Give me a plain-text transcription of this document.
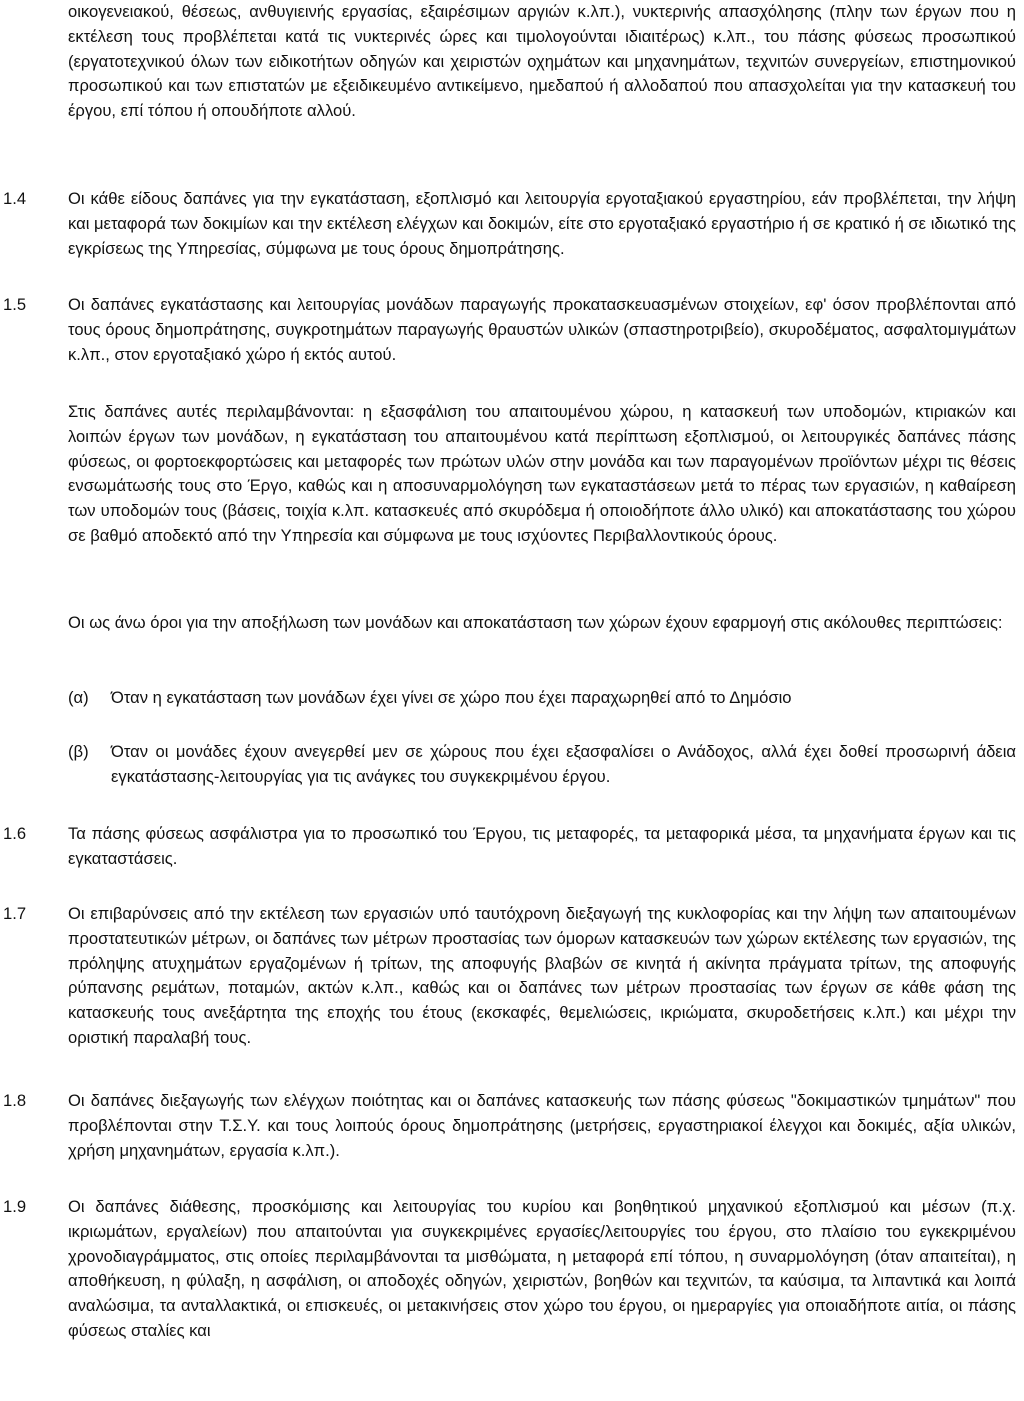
οικογενειακού, θέσεως, ανθυγιεινής εργασίας, εξαιρέσιμων αργιών κ.λπ.), νυκτερινής απασχόλησης (πλην των έργων που η εκτέλεση τους προβλέπεται κατά τις νυκτερινές ώρες και τιμολογούνται ιδιαιτέρως) κ.λπ., του πάσης φύσεως προσωπικού (εργατοτεχνικού όλων των ειδικοτήτων οδηγών και χειριστών οχημάτων και μηχανημάτων, τεχνιτών συνεργείων, επιστημονικού προσωπικού και των επιστατών με εξειδικευμένο αντικείμενο, ημεδαπού ή αλλοδαπού που απασχολείται για την κατασκευή του έργου, επί τόπου ή οπουδήποτε αλλού.
1.4	Οι κάθε είδους δαπάνες για την εγκατάσταση, εξοπλισμό και λειτουργία εργοταξιακού εργαστηρίου, εάν προβλέπεται, την λήψη και μεταφορά των δοκιμίων και την εκτέλεση ελέγχων και δοκιμών, είτε στο εργοταξιακό εργαστήριο ή σε κρατικό ή σε ιδιωτικό της εγκρίσεως της Υπηρεσίας, σύμφωνα με τους όρους δημοπράτησης.
1.5	Οι δαπάνες εγκατάστασης και λειτουργίας μονάδων παραγωγής προκατασκευασμένων στοιχείων, εφ' όσον προβλέπονται από τους όρους δημοπράτησης, συγκροτημάτων παραγωγής θραυστών υλικών (σπαστηροτριβείο), σκυροδέματος, ασφαλτομιγμάτων κ.λπ., στον εργοταξιακό χώρο ή εκτός αυτού.
Στις δαπάνες αυτές περιλαμβάνονται: η εξασφάλιση του απαιτουμένου χώρου, η κατασκευή των υποδομών, κτιριακών και λοιπών έργων των μονάδων, η εγκατάσταση του απαιτουμένου κατά περίπτωση εξοπλισμού, οι λειτουργικές δαπάνες πάσης φύσεως, οι φορτοεκφορτώσεις και μεταφορές των πρώτων υλών στην μονάδα και των παραγομένων προϊόντων μέχρι τις θέσεις ενσωμάτωσής τους στο Έργο, καθώς και η αποσυναρμολόγηση των εγκαταστάσεων μετά το πέρας των εργασιών, η καθαίρεση των υποδομών τους (βάσεις, τοιχία κ.λπ. κατασκευές από σκυρόδεμα ή οποιοδήποτε άλλο υλικό) και αποκατάστασης του χώρου σε βαθμό αποδεκτό από την Υπηρεσία και σύμφωνα με τους ισχύοντες Περιβαλλοντικούς όρους.
Οι ως άνω όροι για την αποξήλωση των μονάδων και αποκατάσταση των χώρων έχουν εφαρμογή στις ακόλουθες περιπτώσεις:
(α)	Όταν η εγκατάσταση των μονάδων έχει γίνει σε χώρο που έχει παραχωρηθεί από το Δημόσιο
(β)	Όταν οι μονάδες έχουν ανεγερθεί μεν σε χώρους που έχει εξασφαλίσει ο Ανάδοχος, αλλά έχει δοθεί προσωρινή άδεια εγκατάστασης-λειτουργίας για τις ανάγκες του συγκεκριμένου έργου.
1.6	Τα πάσης φύσεως ασφάλιστρα για το προσωπικό του Έργου, τις μεταφορές, τα μεταφορικά μέσα, τα μηχανήματα έργων και τις εγκαταστάσεις.
1.7	Οι επιβαρύνσεις από την εκτέλεση των εργασιών υπό ταυτόχρονη διεξαγωγή της κυκλοφορίας και την λήψη των απαιτουμένων προστατευτικών μέτρων, οι δαπάνες των μέτρων προστασίας των όμορων κατασκευών των χώρων εκτέλεσης των εργασιών, της πρόληψης ατυχημάτων εργαζομένων ή τρίτων, της αποφυγής βλαβών σε κινητά ή ακίνητα πράγματα τρίτων, της αποφυγής ρύπανσης ρεμάτων, ποταμών, ακτών κ.λπ., καθώς και οι δαπάνες των μέτρων προστασίας των έργων σε κάθε φάση της κατασκευής τους ανεξάρτητα της εποχής του έτους (εκσκαφές, θεμελιώσεις, ικριώματα, σκυροδετήσεις κ.λπ.) και μέχρι την οριστική παραλαβή τους.
1.8	Οι δαπάνες διεξαγωγής των ελέγχων ποιότητας και οι δαπάνες κατασκευής των πάσης φύσεως "δοκιμαστικών τμημάτων" που προβλέπονται στην Τ.Σ.Υ. και τους λοιπούς όρους δημοπράτησης (μετρήσεις, εργαστηριακοί έλεγχοι και δοκιμές, αξία υλικών, χρήση μηχανημάτων, εργασία κ.λπ.).
1.9	Οι δαπάνες διάθεσης, προσκόμισης και λειτουργίας του κυρίου και βοηθητικού μηχανικού εξοπλισμού και μέσων (π.χ. ικριωμάτων, εργαλείων) που απαιτούνται για συγκεκριμένες εργασίες/λειτουργίες του έργου, στο πλαίσιο του εγκεκριμένου χρονοδιαγράμματος, στις οποίες περιλαμβάνονται τα μισθώματα, η μεταφορά επί τόπου, η συναρμολόγηση (όταν απαιτείται), η αποθήκευση, η φύλαξη, η ασφάλιση, οι αποδοχές οδηγών, χειριστών, βοηθών και τεχνιτών, τα καύσιμα, τα λιπαντικά και λοιπά αναλώσιμα, τα ανταλλακτικά, οι επισκευές, οι μετακινήσεις στον χώρο του έργου, οι ημεραργίες για οποιαδήποτε αιτία, οι πάσης φύσεως σταλίες και
